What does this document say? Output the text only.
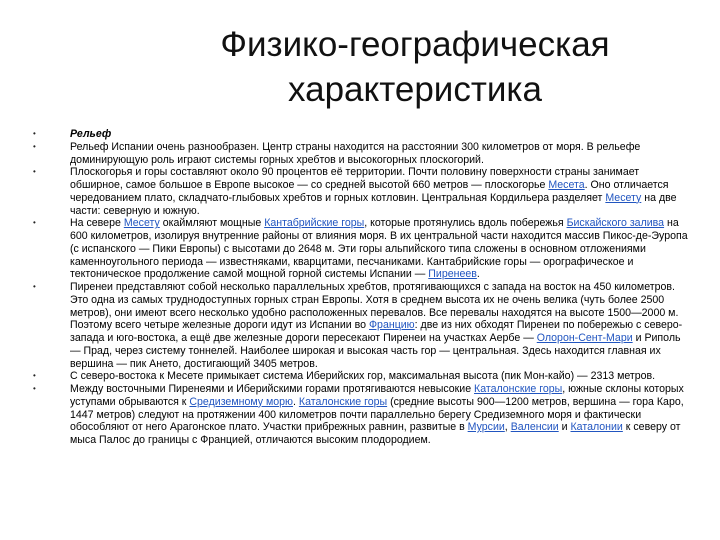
Физико-географическая
характеристика
•	Рельеф
•	Рельеф Испании очень разнообразен. Центр страны находится на расстоянии 300 километров от моря. В рельефе доминирующую роль играют системы горных хребтов и высокогорных плоскогорий.
•	Плоскогорья и горы составляют около 90 процентов её территории. Почти половину поверхности страны занимает обширное, самое большое в Европе высокое — со средней высотой 660 метров — плоскогорье Месета. Оно отличается чередованием плато, складчато-глыбовых хребтов и горных котловин. Центральная Кордильера разделяет Месету на две части: северную и южную.
•	На севере Месету окаймляют мощные Кантабрийские горы, которые протянулись вдоль побережья Бискайского залива на 600 километров, изолируя внутренние районы от влияния моря. В их центральной части находится массив Пикос-де-Эуропа (с испанского — Пики Европы) с высотами до 2648 м. Эти горы альпийского типа сложены в основном отложениями каменноугольного периода — известняками, кварцитами, песчаниками. Кантабрийские горы — орографическое и тектоническое продолжение самой мощной горной системы Испании — Пиренеев.
•	Пиренеи представляют собой несколько параллельных хребтов, протягивающихся с запада на восток на 450 километров. Это одна из самых труднодоступных горных стран Европы. Хотя в среднем высота их не очень велика (чуть более 2500 метров), они имеют всего несколько удобно расположенных перевалов. Все перевалы находятся на высоте 1500—2000 м. Поэтому всего четыре железные дороги идут из Испании во Францию: две из них обходят Пиренеи по побережью с северо-запада и юго-востока, а ещё две железные дороги пересекают Пиренеи на участках Аербе — Олорон-Сент-Мари и Риполь — Прад, через систему тоннелей. Наиболее широкая и высокая часть гор — центральная. Здесь находится главная их вершина — пик Ането, достигающий 3405 метров.
•	С северо-востока к Месете примыкает система Иберийских гор, максимальная высота (пик Мон-кайо) — 2313 метров.
•	Между восточными Пиренеями и Иберийскими горами протягиваются невысокие Каталонские горы, южные склоны которых уступами обрываются к Средиземному морю. Каталонские горы (средние высоты 900—1200 метров, вершина — гора Каро, 1447 метров) следуют на протяжении 400 километров почти параллельно берегу Средиземного моря и фактически обособляют от него Арагонское плато. Участки прибрежных равнин, развитые в Мурсии, Валенсии и Каталонии к северу от мыса Палос до границы с Францией, отличаются высоким плодородием.
